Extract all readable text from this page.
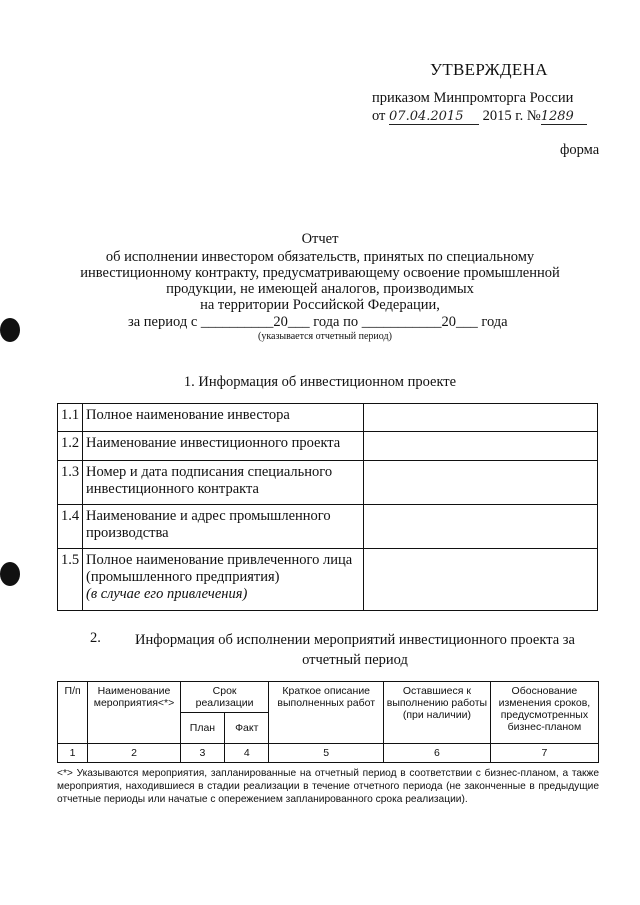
УТВЕРЖДЕНА
приказом Минпромторга России
от 07.04.2015 2015 г. №1289
форма
Отчет
об исполнении инвестором обязательств, принятых по специальному
инвестиционному контракту, предусматривающему освоение промышленной
продукции, не имеющей аналогов, производимых
на территории Российской Федерации,
за период с __________20___ года по ___________20___ года
(указывается отчетный период)
1. Информация об инвестиционном проекте
1.1	Полное наименование инвестора	
1.2	Наименование инвестиционного проекта	
1.3	Номер и дата подписания специального инвестиционного контракта	
1.4	Наименование и адрес промышленного производства	
1.5	Полное наименование привлеченного лица (промышленного предприятия)
(в случае его привлечения)	
2.	Информация об исполнении мероприятий инвестиционного проекта за отчетный период
П/п	Наименование мероприятия<*>	Срок реализации		Краткое описание выполненных работ	Оставшиеся к выполнению работы (при наличии)	Обоснование изменения сроков, предусмотренных бизнес-планом
		План	Факт			
1	2	3	4	5	6	7
<*> Указываются мероприятия, запланированные на отчетный период в соответствии с бизнес-планом, а также мероприятия, находившиеся в стадии реализации в течение отчетного периода (не законченные в предыдущие отчетные периоды или начатые с опережением запланированного срока реализации).
